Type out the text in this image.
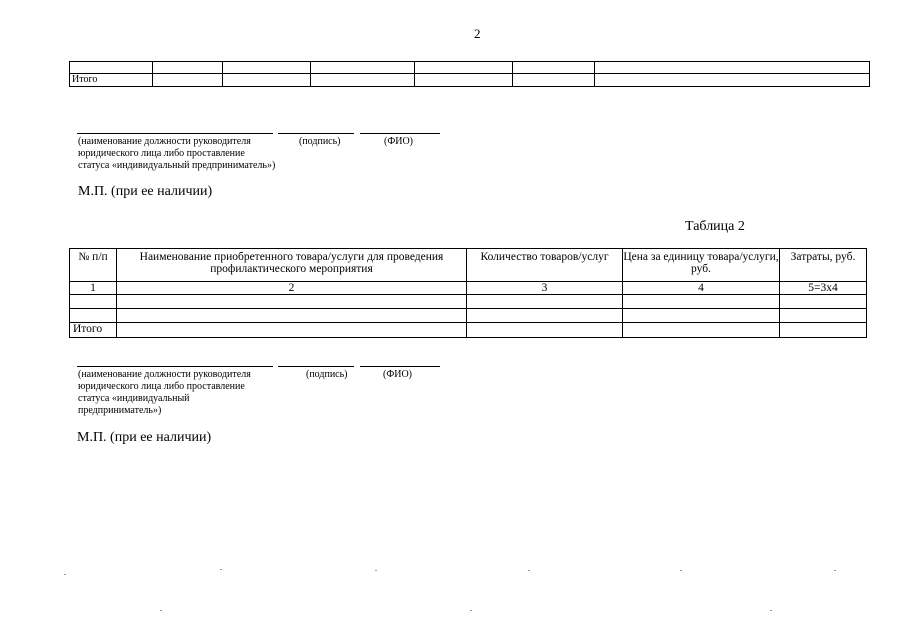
2

Итого						
(наименование должности руководителя
юридического лица либо проставление
статуса «индивидуальный предприниматель»)
(подпись)	(ФИО)
М.П. (при ее наличии)
Таблица 2
№ п/п	Наименование приобретенного товара/услуги для проведения профилактического мероприятия	Количество товаров/услуг	Цена за единицу товара/услуги, руб.	Затраты, руб.
1	2	3	4	5=3x4

Итого				
(наименование должности руководителя
юридического лица либо проставление
статуса «индивидуальный
предприниматель»)
(подпись)	(ФИО)
М.П. (при ее наличии)
